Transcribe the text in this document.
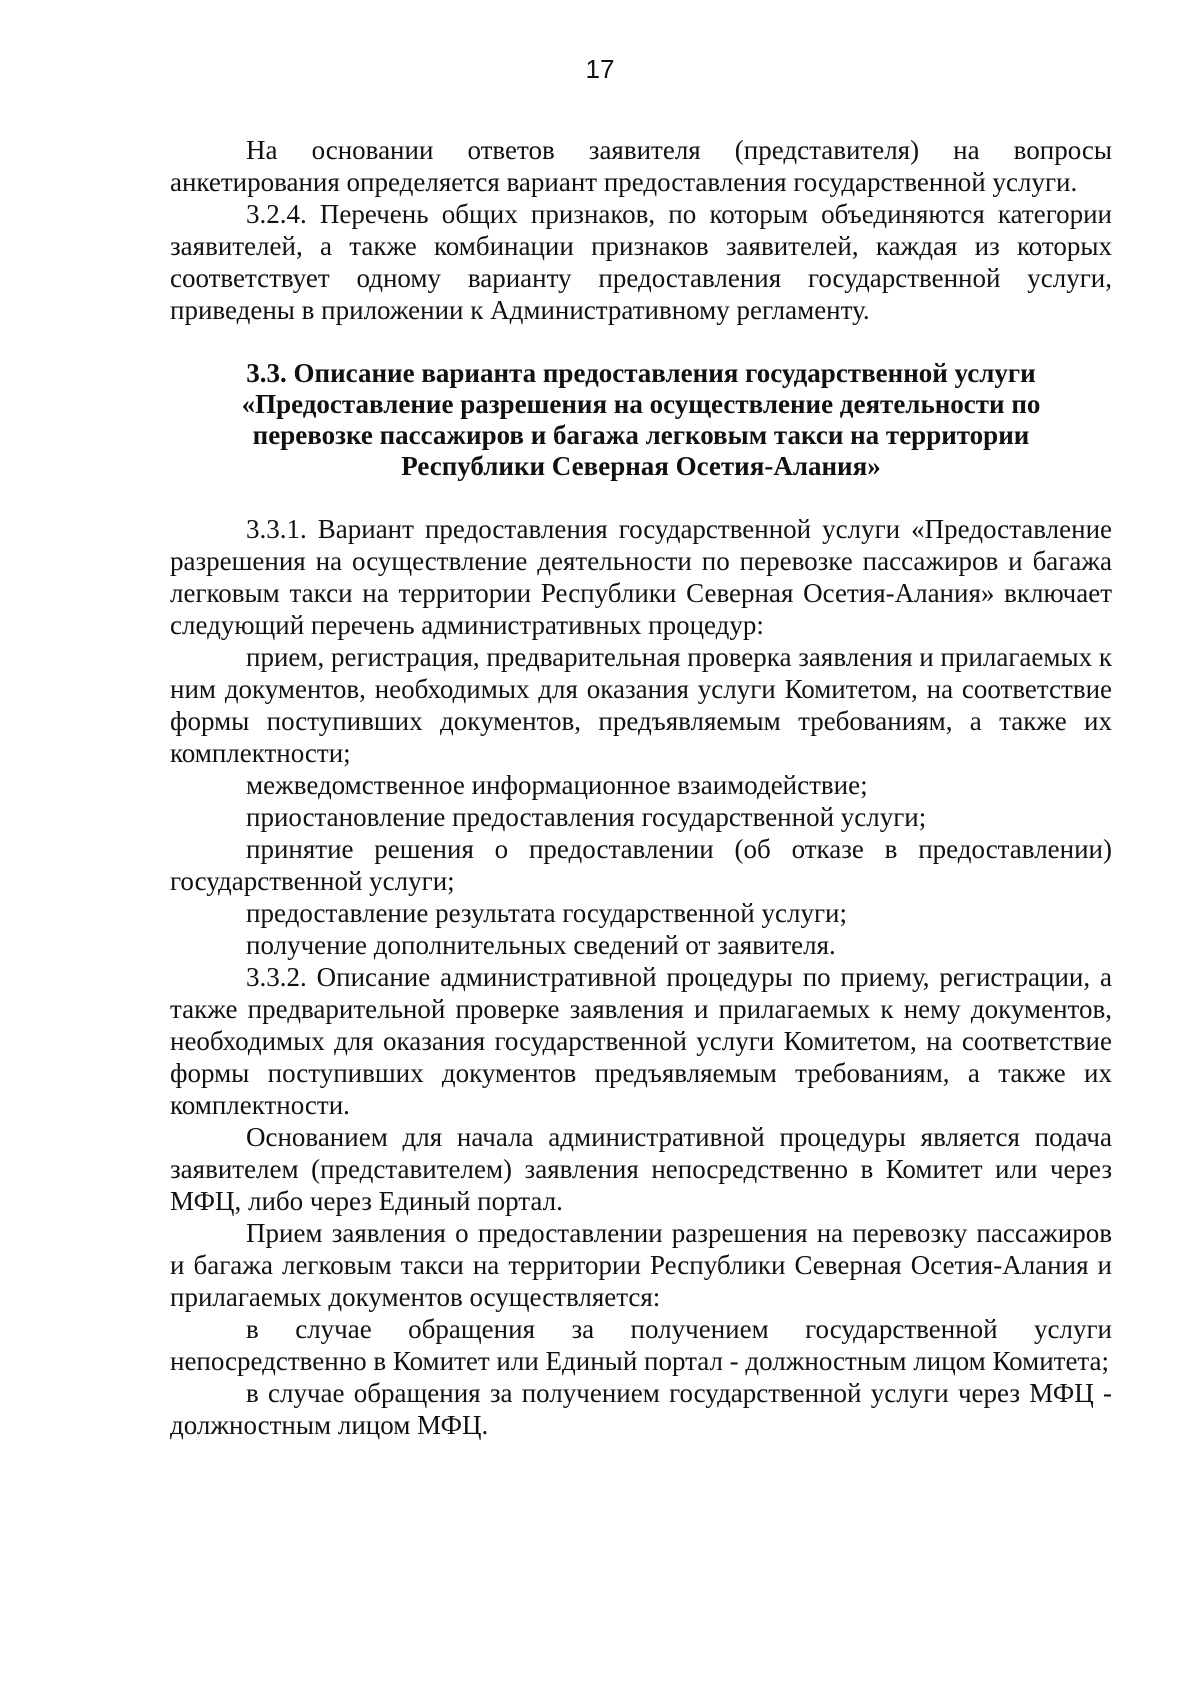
17

На основании ответов заявителя (представителя) на вопросы анкетирования определяется вариант предоставления государственной услуги.

3.2.4. Перечень общих признаков, по которым объединяются категории заявителей, а также комбинации признаков заявителей, каждая из которых соответствует одному варианту предоставления государственной услуги, приведены в приложении к Административному регламенту.

3.3. Описание варианта предоставления государственной услуги
«Предоставление разрешения на осуществление деятельности по
перевозке пассажиров и багажа легковым такси на территории
Республики Северная Осетия-Алания»

3.3.1. Вариант предоставления государственной услуги «Предоставление разрешения на осуществление деятельности по перевозке пассажиров и багажа легковым такси на территории Республики Северная Осетия-Алания» включает следующий перечень административных процедур:

прием, регистрация, предварительная проверка заявления и прилагаемых к ним документов, необходимых для оказания услуги Комитетом, на соответствие формы поступивших документов, предъявляемым требованиям, а также их комплектности;

межведомственное информационное взаимодействие;

приостановление предоставления государственной услуги;

принятие решения о предоставлении (об отказе в предоставлении) государственной услуги;

предоставление результата государственной услуги;

получение дополнительных сведений от заявителя.

3.3.2. Описание административной процедуры по приему, регистрации, а также предварительной проверке заявления и прилагаемых к нему документов, необходимых для оказания государственной услуги Комитетом, на соответствие формы поступивших документов предъявляемым требованиям, а также их комплектности.

Основанием для начала административной процедуры является подача заявителем (представителем) заявления непосредственно в Комитет или через МФЦ, либо через Единый портал.

Прием заявления о предоставлении разрешения на перевозку пассажиров и багажа легковым такси на территории Республики Северная Осетия-Алания и прилагаемых документов осуществляется:

в случае обращения за получением государственной услуги непосредственно в Комитет или Единый портал - должностным лицом Комитета;

в случае обращения за получением государственной услуги через МФЦ - должностным лицом МФЦ.
